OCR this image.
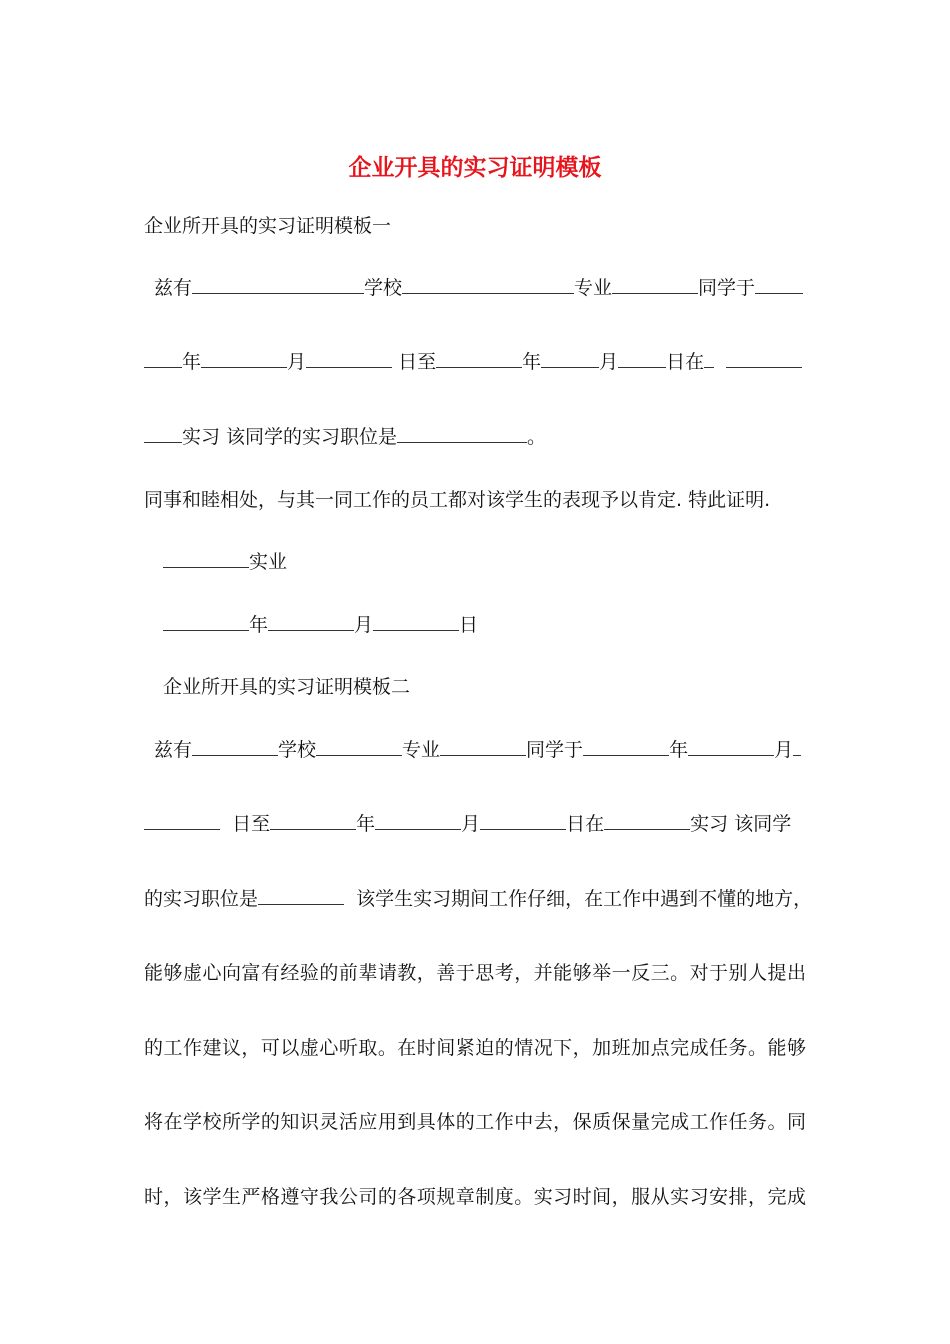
企业开具的实习证明模板
企业所开具的实习证明模板一
兹有	学校	专业	同学于
年	月	日至	年	月	日在
实习 该同学的实习职位是	。
同事和睦相处，与其一同工作的员工都对该学生的表现予以肯定. 特此证明.
实业
年	月	日
企业所开具的实习证明模板二
兹有	学校	专业	同学于	年	月
日至	年	月	日在	实习 该同学
的实习职位是	该学生实习期间工作仔细，在工作中遇到不懂的地方，
能够虚心向富有经验的前辈请教，善于思考，并能够举一反三。对于别人提出
的工作建议，可以虚心听取。在时间紧迫的情况下，加班加点完成任务。能够
将在学校所学的知识灵活应用到具体的工作中去，保质保量完成工作任务。同
时，该学生严格遵守我公司的各项规章制度。实习时间，服从实习安排，完成
